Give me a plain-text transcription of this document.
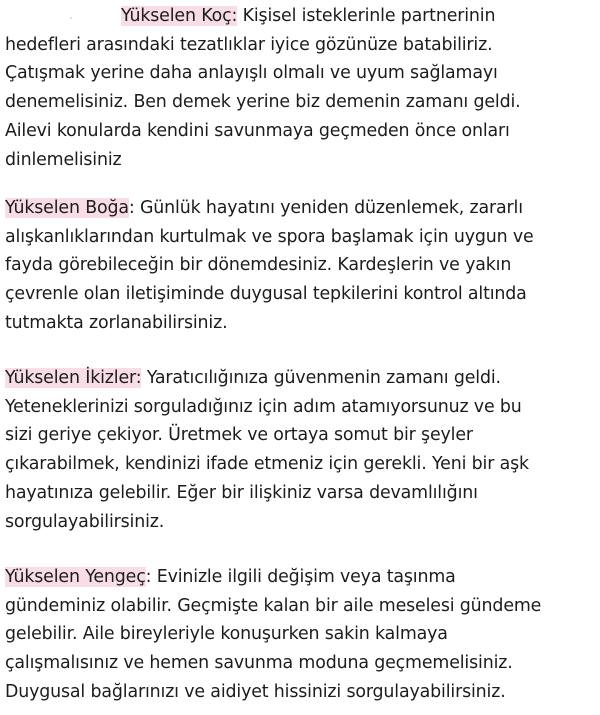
Yükselen Koç: Kişisel isteklerinle partnerinin
hedefleri arasındaki tezatlıklar iyice gözünüze batabiliriz.
Çatışmak yerine daha anlayışlı olmalı ve uyum sağlamayı
denemelisiniz. Ben demek yerine biz demenin zamanı geldi.
Ailevi konularda kendini savunmaya geçmeden önce onları
dinlemelisiniz

Yükselen Boğa: Günlük hayatını yeniden düzenlemek, zararlı
alışkanlıklarından kurtulmak ve spora başlamak için uygun ve
fayda görebileceğin bir dönemdesiniz. Kardeşlerin ve yakın
çevrenle olan iletişiminde duygusal tepkilerini kontrol altında
tutmakta zorlanabilirsiniz.

Yükselen İkizler: Yaratıcılığınıza güvenmenin zamanı geldi.
Yeteneklerinizi sorguladığınız için adım atamıyorsunuz ve bu
sizi geriye çekiyor. Üretmek ve ortaya somut bir şeyler
çıkarabilmek, kendinizi ifade etmeniz için gerekli. Yeni bir aşk
hayatınıza gelebilir. Eğer bir ilişkiniz varsa devamlılığını
sorgulayabilirsiniz.

Yükselen Yengeç: Evinizle ilgili değişim veya taşınma
gündeminiz olabilir. Geçmişte kalan bir aile meselesi gündeme
gelebilir. Aile bireyleriyle konuşurken sakin kalmaya
çalışmalısınız ve hemen savunma moduna geçmemelisiniz.
Duygusal bağlarınızı ve aidiyet hissinizi sorgulayabilirsiniz.
